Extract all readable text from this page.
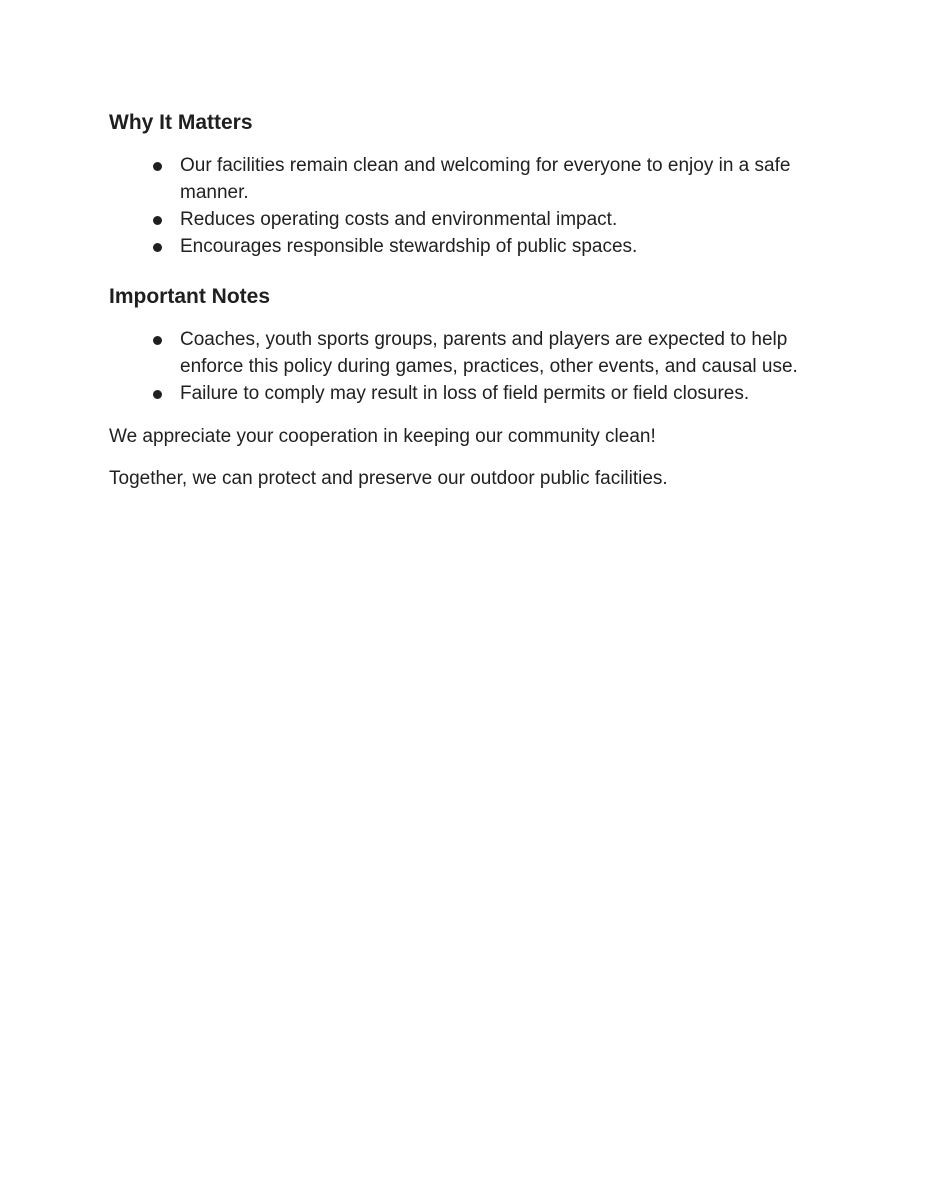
Why It Matters
Our facilities remain clean and welcoming for everyone to enjoy in a safe manner.
Reduces operating costs and environmental impact.
Encourages responsible stewardship of public spaces.
Important Notes
Coaches, youth sports groups, parents and players are expected to help enforce this policy during games, practices, other events, and causal use.
Failure to comply may result in loss of field permits or field closures.

We appreciate your cooperation in keeping our community clean!

Together, we can protect and preserve our outdoor public facilities.
